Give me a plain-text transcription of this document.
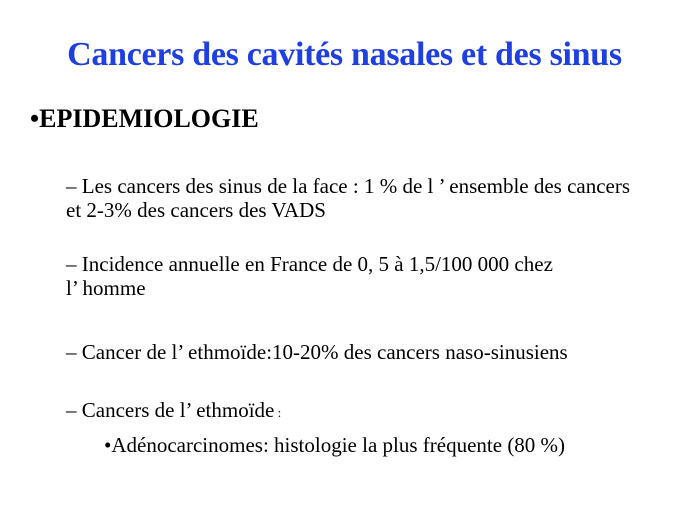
Cancers des cavités nasales et des sinus
•EPIDEMIOLOGIE
– Les cancers des sinus de la face : 1 % de l ’ ensemble des cancers
et 2-3% des cancers des VADS
– Incidence annuelle en France de 0, 5 à 1,5/100 000 chez
l’ homme
– Cancer de l’ ethmoïde:10-20% des cancers naso-sinusiens
– Cancers de l’ ethmoïde :
•Adénocarcinomes: histologie la plus fréquente (80 %)
